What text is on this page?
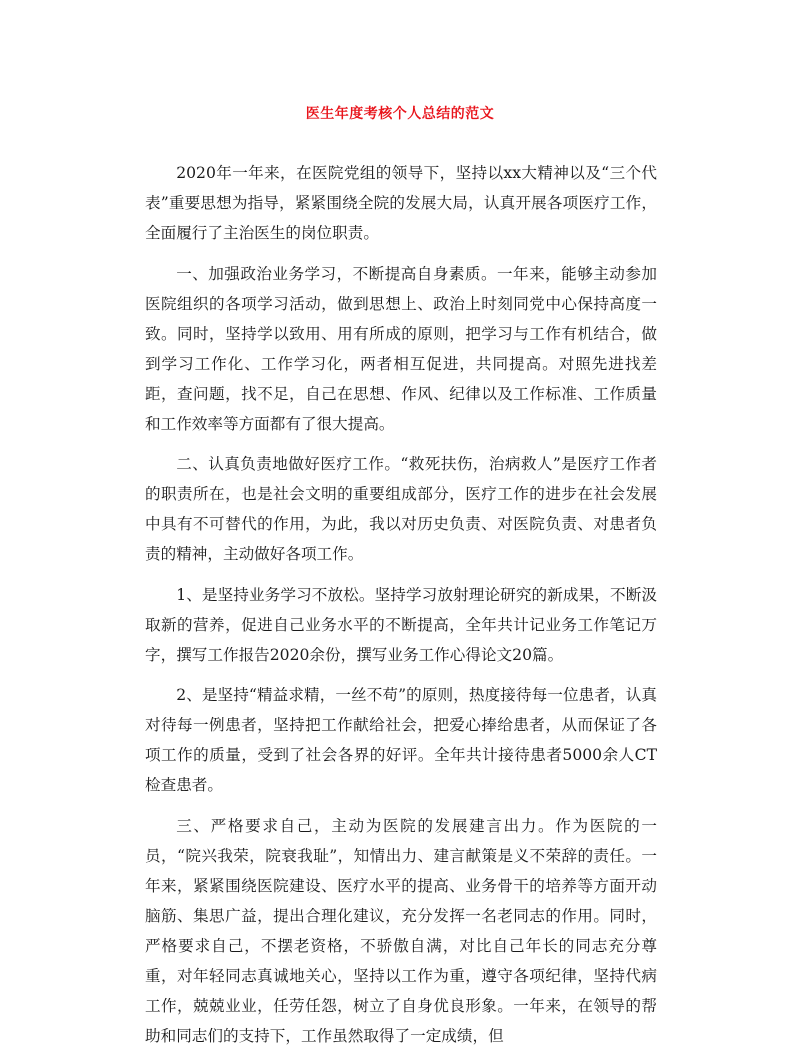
医生年度考核个人总结的范文

2020年一年来，在医院党组的领导下，坚持以xx大精神以及“三个代表”重要思想为指导，紧紧围绕全院的发展大局，认真开展各项医疗工作，全面履行了主治医生的岗位职责。

一、加强政治业务学习，不断提高自身素质。一年来，能够主动参加医院组织的各项学习活动，做到思想上、政治上时刻同党中心保持高度一致。同时，坚持学以致用、用有所成的原则，把学习与工作有机结合，做到学习工作化、工作学习化，两者相互促进，共同提高。对照先进找差距，查问题，找不足，自己在思想、作风、纪律以及工作标准、工作质量和工作效率等方面都有了很大提高。

二、认真负责地做好医疗工作。“救死扶伤，治病救人”是医疗工作者的职责所在，也是社会文明的重要组成部分，医疗工作的进步在社会发展中具有不可替代的作用，为此，我以对历史负责、对医院负责、对患者负责的精神，主动做好各项工作。

1、是坚持业务学习不放松。坚持学习放射理论研究的新成果，不断汲取新的营养，促进自己业务水平的不断提高，全年共计记业务工作笔记万字，撰写工作报告2020余份，撰写业务工作心得论文20篇。

2、是坚持“精益求精，一丝不苟”的原则，热度接待每一位患者，认真对待每一例患者，坚持把工作献给社会，把爱心捧给患者，从而保证了各项工作的质量，受到了社会各界的好评。全年共计接待患者5000余人CT检查患者。

三、严格要求自己，主动为医院的发展建言出力。作为医院的一员，“院兴我荣，院衰我耻”，知情出力、建言献策是义不荣辞的责任。一年来，紧紧围绕医院建设、医疗水平的提高、业务骨干的培养等方面开动脑筋、集思广益，提出合理化建议，充分发挥一名老同志的作用。同时，严格要求自己，不摆老资格，不骄傲自满，对比自己年长的同志充分尊重，对年轻同志真诚地关心，坚持以工作为重，遵守各项纪律，坚持代病工作，兢兢业业，任劳任怨，树立了自身优良形象。一年来，在领导的帮助和同志们的支持下，工作虽然取得了一定成绩，但
